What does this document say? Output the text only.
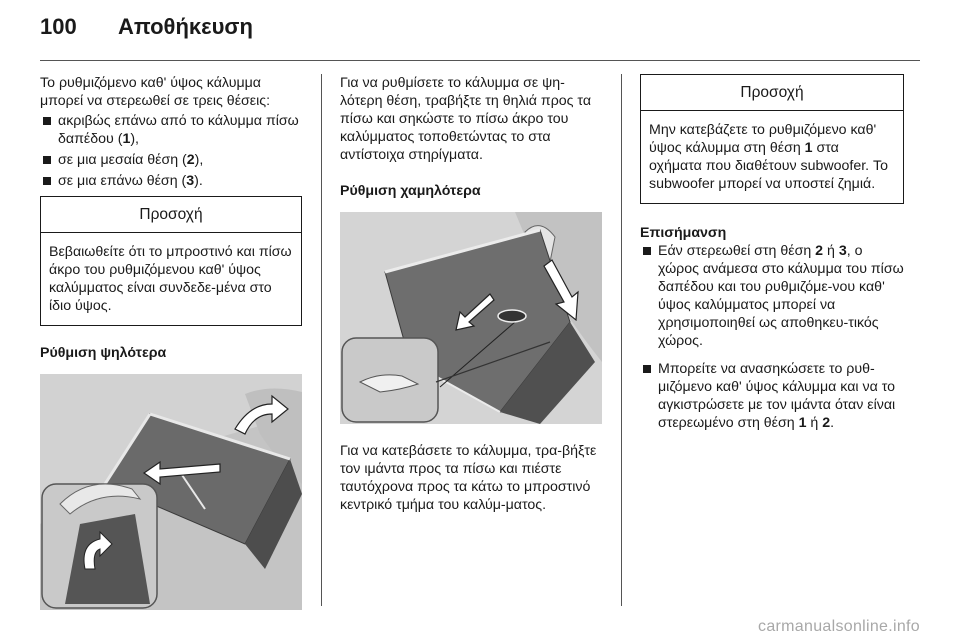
100	Αποθήκευση

Το ρυθμιζόμενο καθ' ύψος κάλυμμα μπορεί να στερεωθεί σε τρεις θέσεις:

ακριβώς επάνω από το κάλυμμα πίσω δαπέδου (1),
σε μια μεσαία θέση (2),
σε μια επάνω θέση (3).
Προσοχή
Βεβαιωθείτε ότι το μπροστινό και πίσω άκρο του ρυθμιζόμενου καθ' ύψος καλύμματος είναι συνδεδε-μένα στο ίδιο ύψος.

Ρύθμιση ψηλότερα

Για να ρυθμίσετε το κάλυμμα σε ψη-λότερη θέση, τραβήξτε τη θηλιά προς τα πίσω και σηκώστε το πίσω άκρο του καλύμματος τοποθετώντας το στα αντίστοιχα στηρίγματα.

Ρύθμιση χαμηλότερα

Για να κατεβάσετε το κάλυμμα, τρα-βήξτε τον ιμάντα προς τα πίσω και πιέστε ταυτόχρονα προς τα κάτω το μπροστινό κεντρικό τμήμα του καλύμ-ματος.

Προσοχή
Μην κατεβάζετε το ρυθμιζόμενο καθ' ύψος κάλυμμα στη θέση 1 στα οχήματα που διαθέτουν subwoofer. Το subwoofer μπορεί να υποστεί ζημιά.

Επισήμανση

Εάν στερεωθεί στη θέση 2 ή 3, ο χώρος ανάμεσα στο κάλυμμα του πίσω δαπέδου και του ρυθμιζόμε-νου καθ' ύψος καλύμματος μπορεί να χρησιμοποιηθεί ως αποθηκευ-τικός χώρος.
Μπορείτε να ανασηκώσετε το ρυθ-μιζόμενο καθ' ύψος κάλυμμα και να το αγκιστρώσετε με τον ιμάντα όταν είναι στερεωμένο στη θέση 1 ή 2.
carmanualsonline.info
